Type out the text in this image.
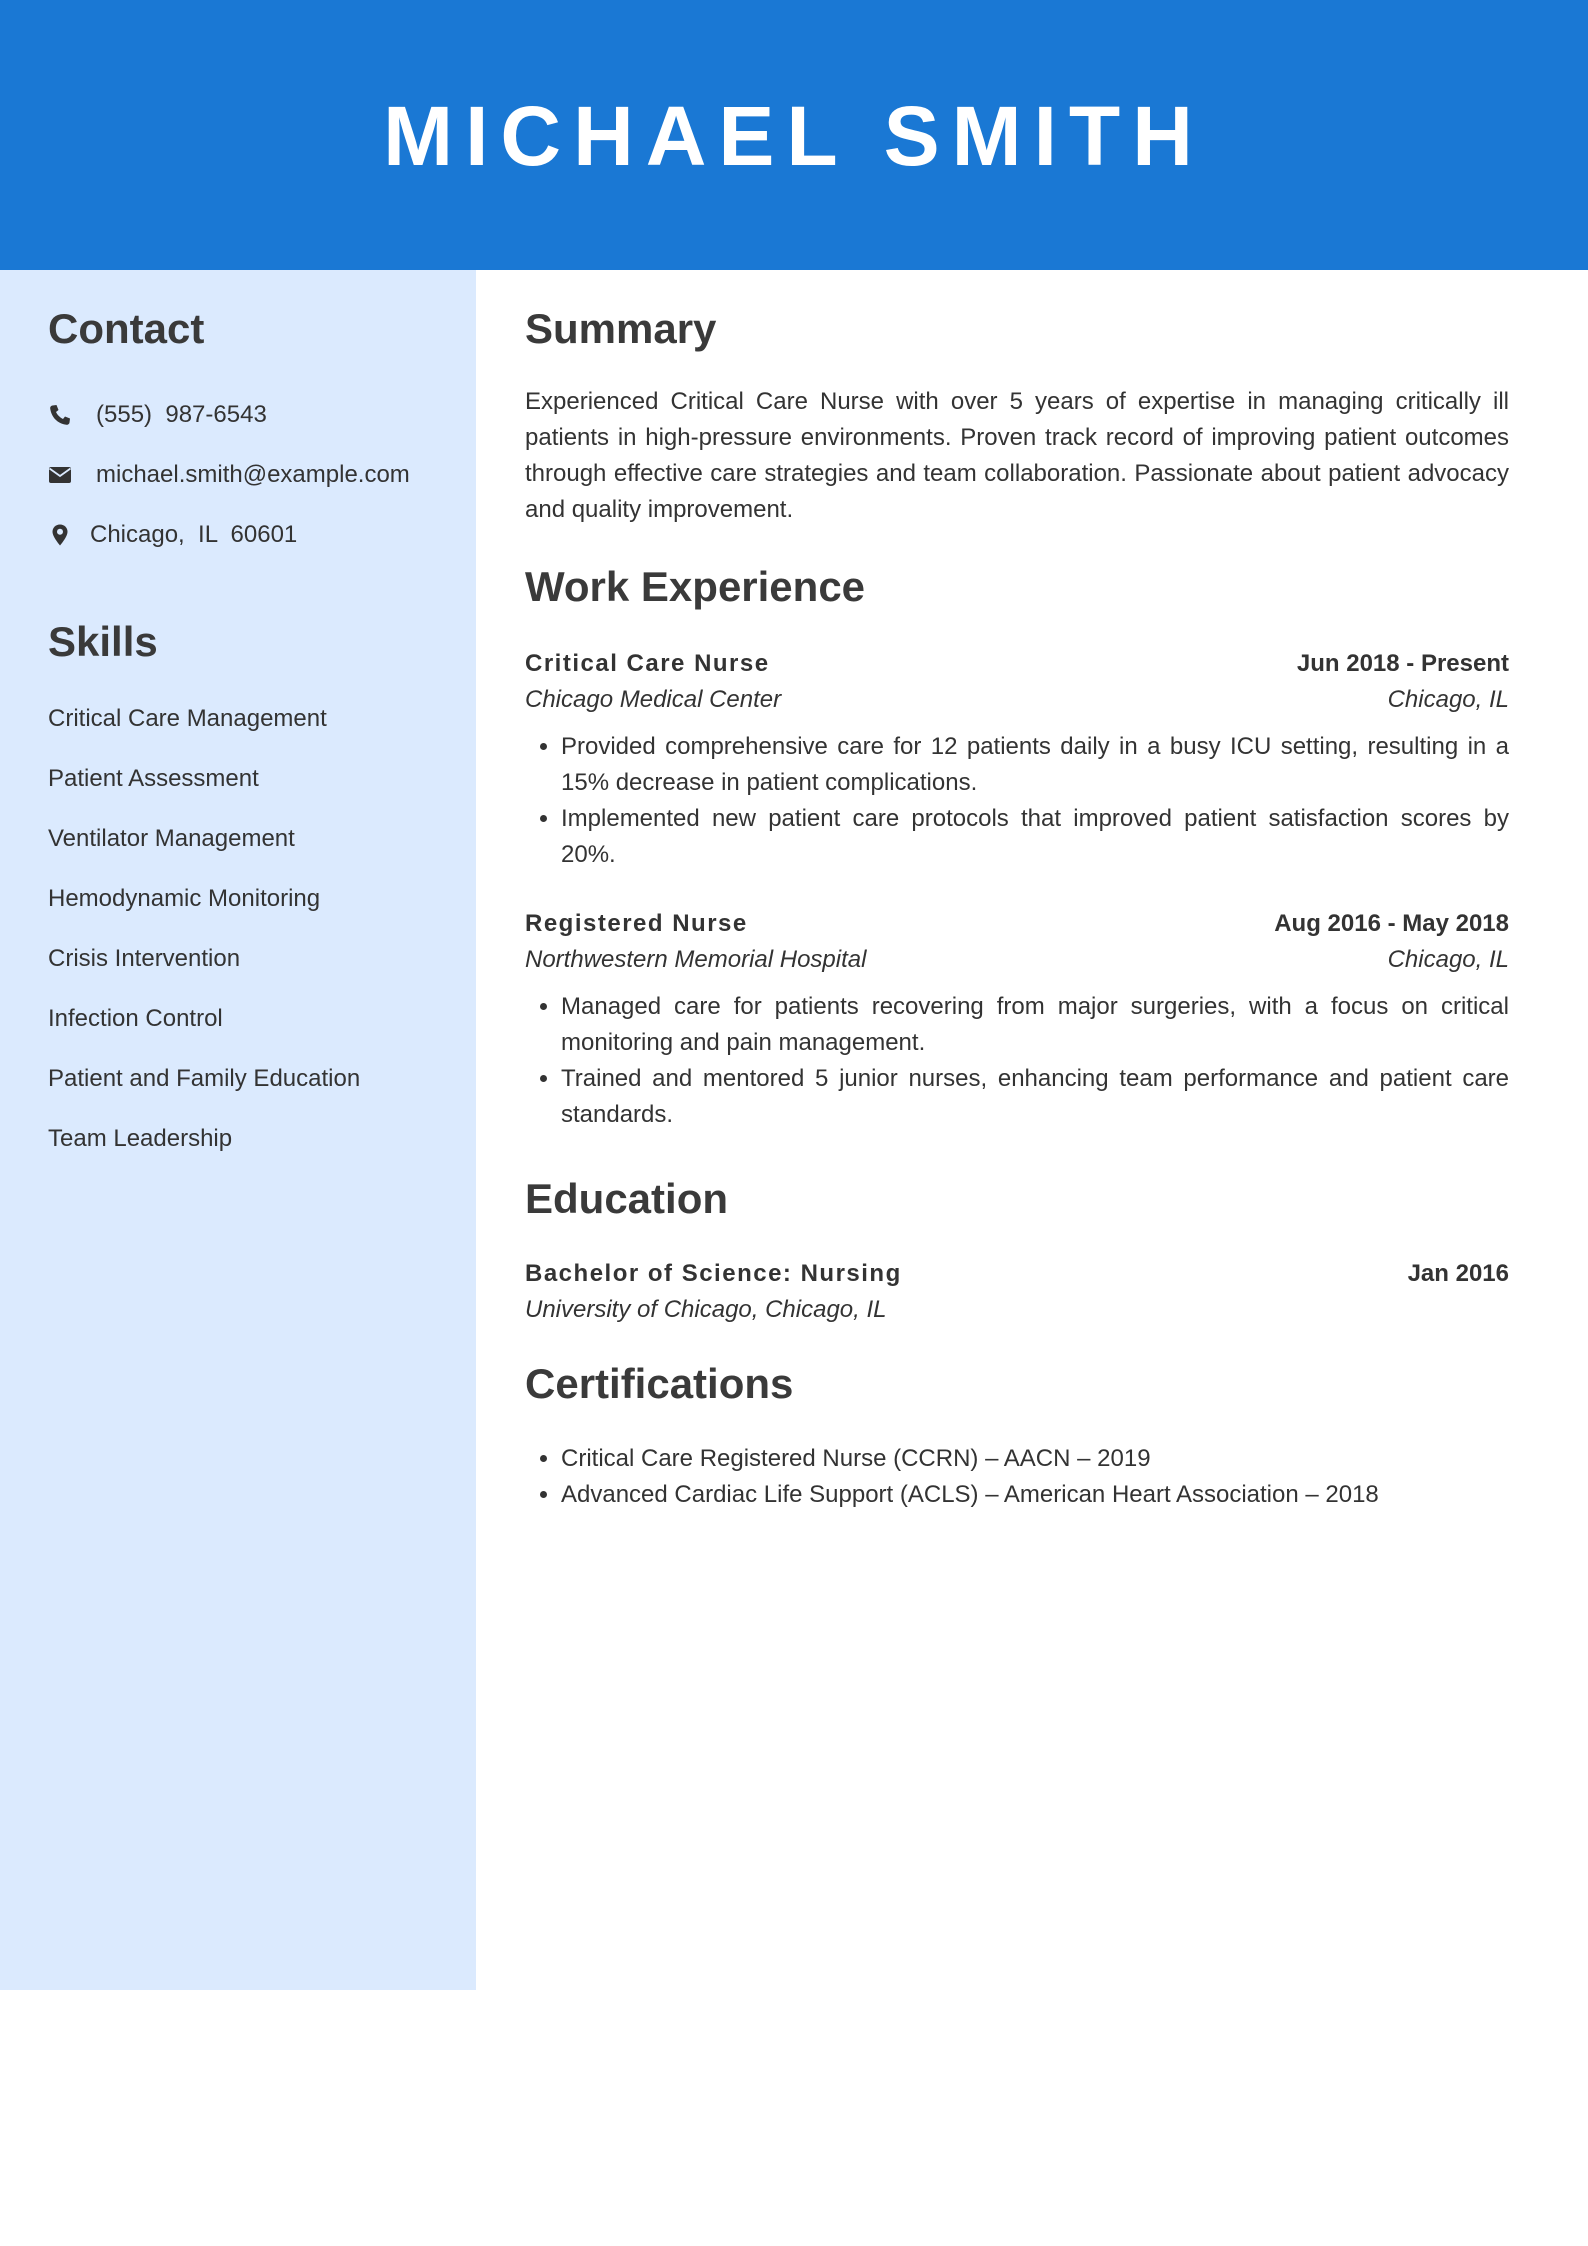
MICHAEL SMITH
Contact
(555)  987-6543
michael.smith@example.com
Chicago,  IL  60601
Skills
Critical Care Management
Patient Assessment
Ventilator Management
Hemodynamic Monitoring
Crisis Intervention
Infection Control
Patient and Family Education
Team Leadership
Summary
Experienced Critical Care Nurse with over 5 years of expertise in managing critically ill patients in high-pressure environments. Proven track record of improving patient outcomes through effective care strategies and team collaboration. Passionate about patient advocacy and quality improvement.
Work Experience
Critical Care Nurse	Jun 2018 - Present
Chicago Medical Center	Chicago, IL
• Provided comprehensive care for 12 patients daily in a busy ICU setting, resulting in a 15% decrease in patient complications.
• Implemented new patient care protocols that improved patient satisfaction scores by 20%.
Registered Nurse	Aug 2016 - May 2018
Northwestern Memorial Hospital	Chicago, IL
• Managed care for patients recovering from major surgeries, with a focus on critical monitoring and pain management.
• Trained and mentored 5 junior nurses, enhancing team performance and patient care standards.
Education
Bachelor of Science: Nursing	Jan 2016
University of Chicago, Chicago, IL
Certifications
• Critical Care Registered Nurse (CCRN) – AACN – 2019
• Advanced Cardiac Life Support (ACLS) – American Heart Association – 2018
